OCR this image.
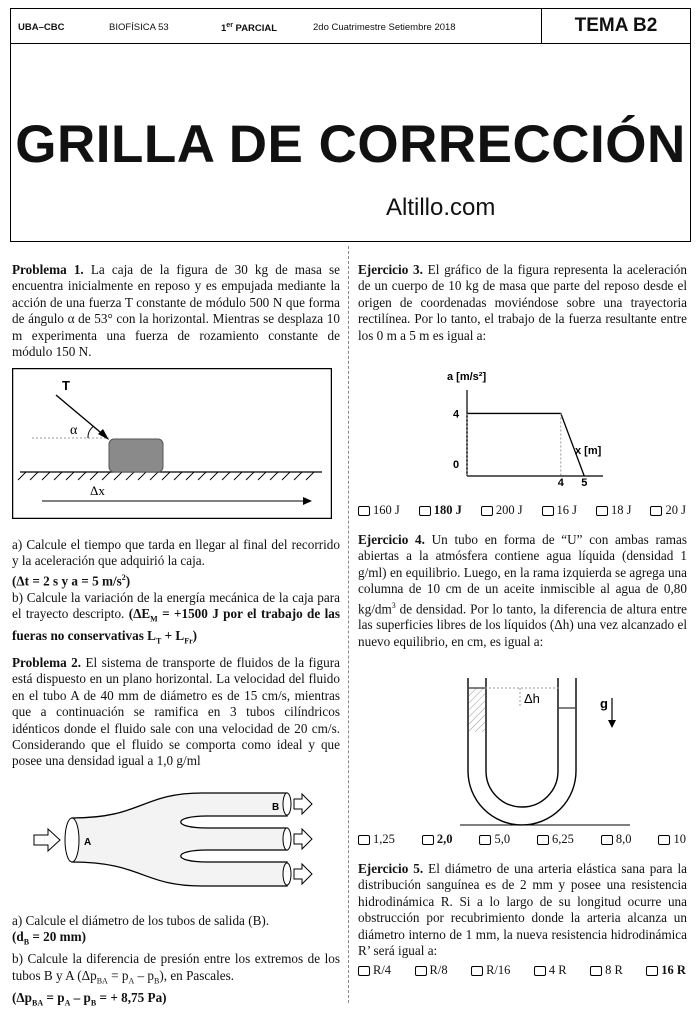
UBA–CBC	BIOFÍSICA 53	1er PARCIAL	2do Cuatrimestre Setiembre 2018	TEMA B2
GRILLA DE CORRECCIÓN
Altillo.com
Problema 1. La caja de la figura de 30 kg de masa se encuentra inicialmente en reposo y es empujada mediante la acción de una fuerza T constante de módulo 500 N que forma de ángulo α de 53° con la horizontal. Mientras se desplaza 10 m experimenta una fuerza de rozamiento constante de módulo 150 N.
T
α
Δx
a) Calcule el tiempo que tarda en llegar al final del recorrido y la aceleración que adquirió la caja.
(Δt = 2 s y a = 5 $m/s^2$)
b) Calcule la variación de la energía mecánica de la caja para el trayecto descripto. ($\Delta E_M = +1500$ J por el trabajo de las fueras no conservativas $L_T + L_{Fr}$)
Problema 2. El sistema de transporte de fluidos de la figura está dispuesto en un plano horizontal. La velocidad del fluido en el tubo A de 40 mm de diámetro es de 15 cm/s, mientras que a continuación se ramifica en 3 tubos cilíndricos idénticos donde el fluido sale con una velocidad de 20 cm/s. Considerando que el fluido se comporta como ideal y que posee una densidad igual a 1,0 g/ml
A
B
a) Calcule el diámetro de los tubos de salida (B).
($d_B = 20$ mm)
b) Calcule la diferencia de presión entre los extremos de los tubos B y A $(\Delta p_{BA} = p_A - p_B)$, en Pascales.
($\Delta p_{BA} = p_A - p_B$ = + 8,75 Pa)
Ejercicio 3. El gráfico de la figura representa la aceleración de un cuerpo de 10 kg de masa que parte del reposo desde el origen de coordenadas moviéndose sobre una trayectoria rectilínea. Por lo tanto, el trabajo de la fuerza resultante entre los 0 m a 5 m es igual a:
a [m/s²]
x [m]
4 5
0
4
160 J	180 J	200 J	16 J	18 J	20 J
Ejercicio 4. Un tubo en forma de “U” con ambas ramas abiertas a la atmósfera contiene agua líquida (densidad 1 g/ml) en equilibrio. Luego, en la rama izquierda se agrega una columna de 10 cm de un aceite inmiscible al agua de 0,80 $kg/dm^3$ de densidad. Por lo tanto, la diferencia de altura entre las superficies libres de los líquidos (Δh) una vez alcanzado el nuevo equilibrio, en cm, es igual a:
Δh	g
1,25	2,0	5,0	6,25	8,0	10
Ejercicio 5. El diámetro de una arteria elástica sana para la distribución sanguínea es de 2 mm y posee una resistencia hidrodinámica R. Si a lo largo de su longitud ocurre una obstrucción por recubrimiento donde la arteria alcanza un diámetro interno de 1 mm, la nueva resistencia hidrodinámica R’ será igual a:
R/4	R/8	R/16	4 R	8 R	16 R
